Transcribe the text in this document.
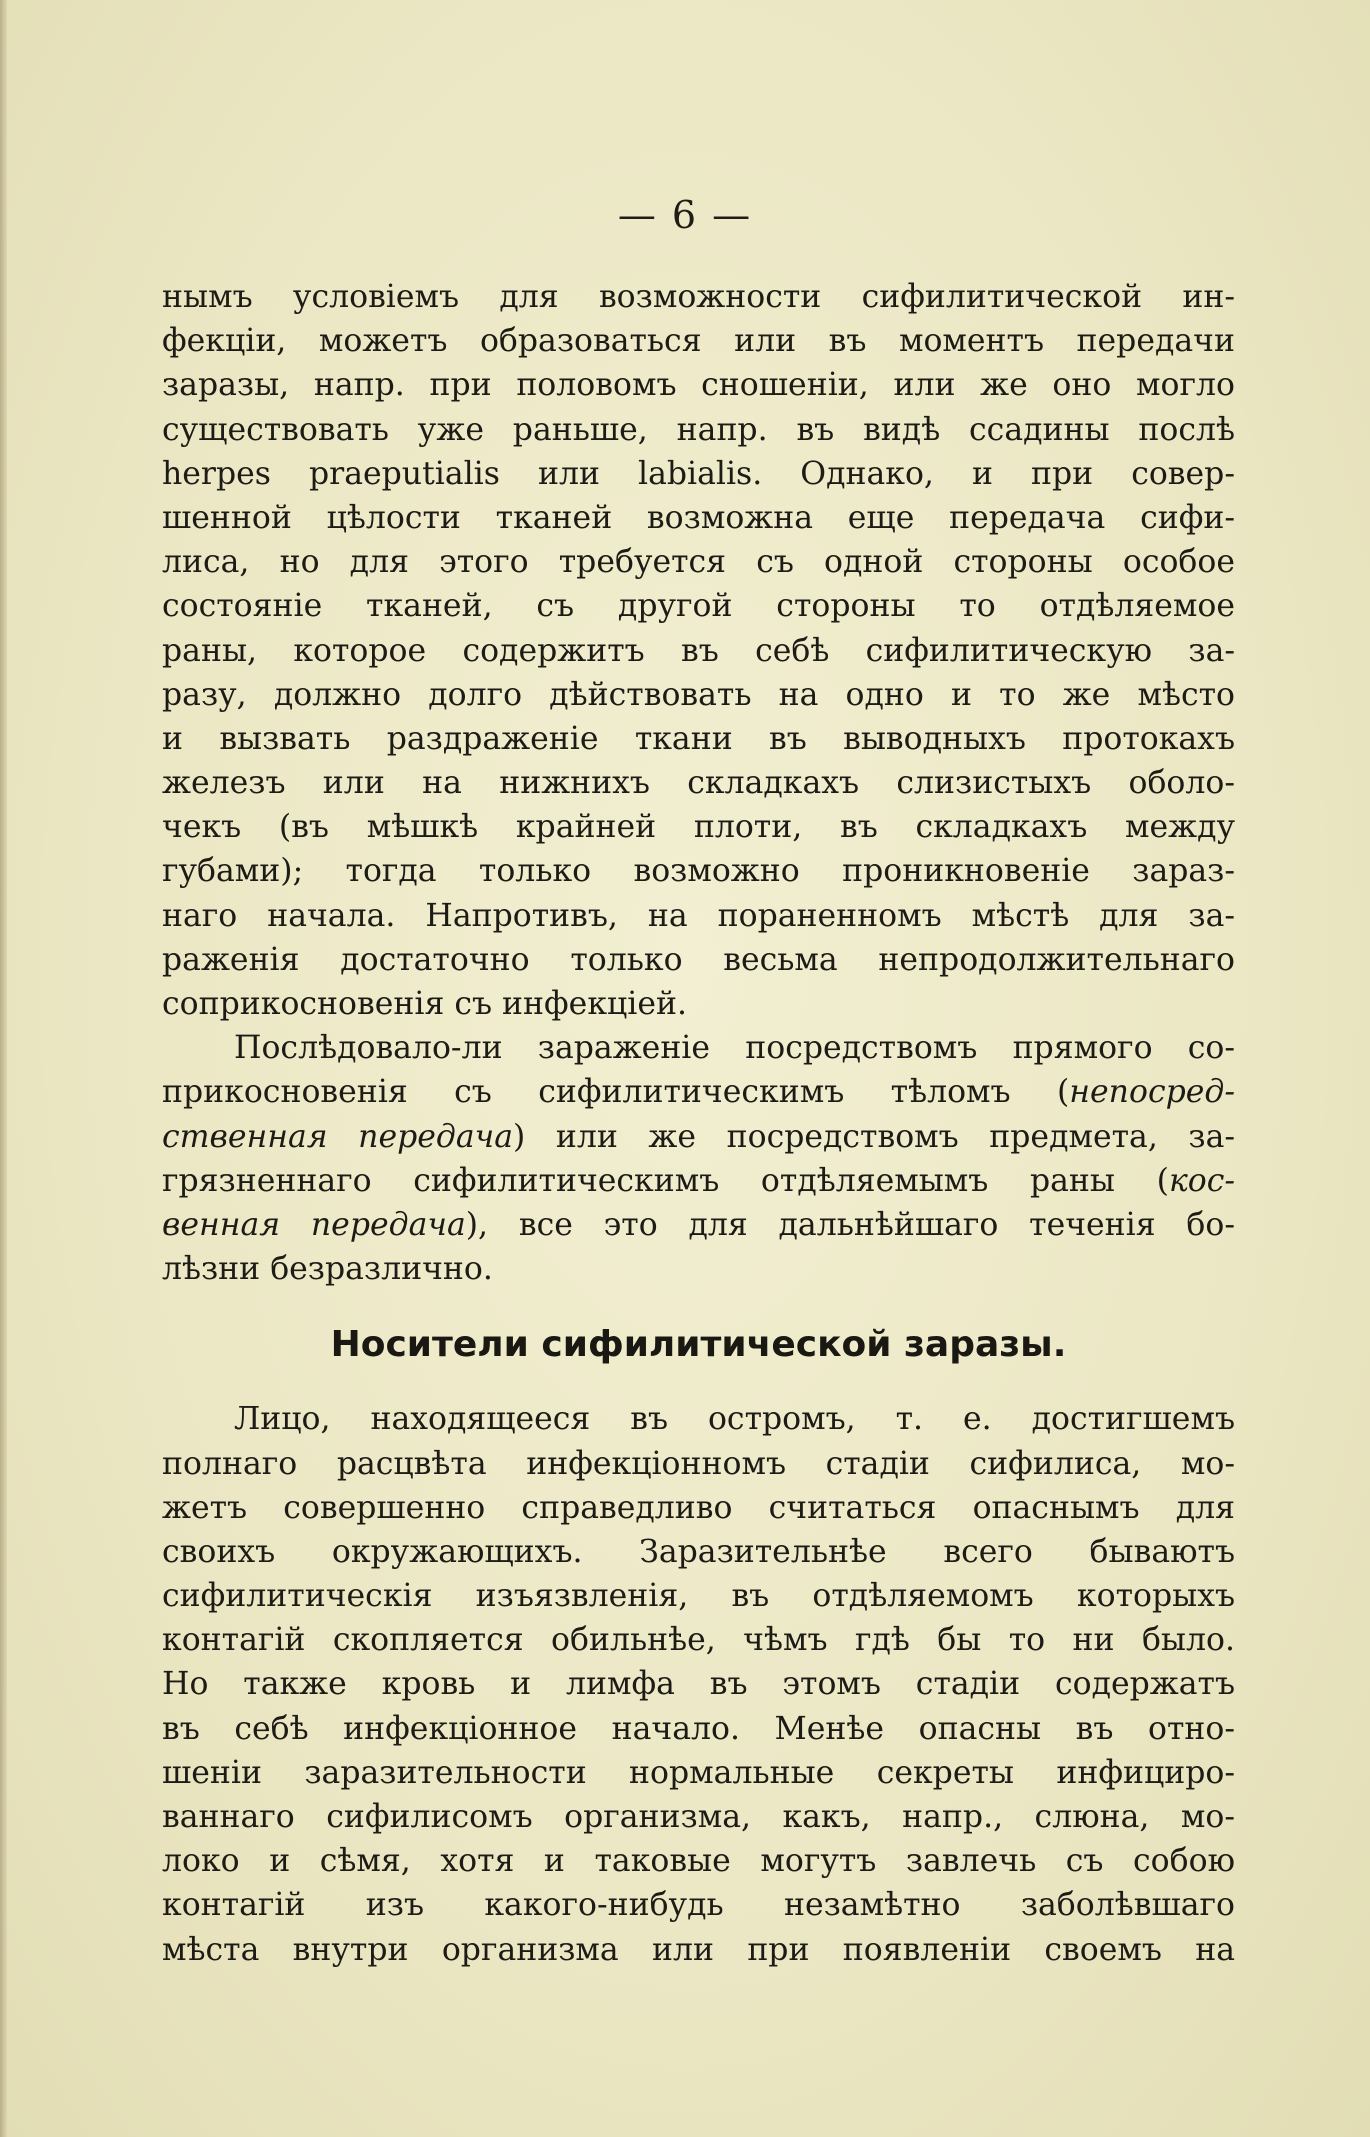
— 6 —
нымъ условіемъ для возможности сифилитической ин-
фекціи, можетъ образоваться или въ моментъ передачи
заразы, напр. при половомъ сношеніи, или же оно могло
существовать уже раньше, напр. въ видѣ ссадины послѣ
herpes praeputialis или labialis. Однако, и при совер-
шенной цѣлости тканей возможна еще передача сифи-
лиса, но для этого требуется съ одной стороны особое
состояніе тканей, съ другой стороны то отдѣляемое
раны, которое содержитъ въ себѣ сифилитическую за-
разу, должно долго дѣйствовать на одно и то же мѣсто
и вызвать раздраженіе ткани въ выводныхъ протокахъ
железъ или на нижнихъ складкахъ слизистыхъ оболо-
чекъ (въ мѣшкѣ крайней плоти, въ складкахъ между
губами); тогда только возможно проникновеніе зараз-
наго начала. Напротивъ, на пораненномъ мѣстѣ для за-
раженія достаточно только весьма непродолжительнаго
соприкосновенія съ инфекціей.
Послѣдовало-ли зараженіе посредствомъ прямого со-
прикосновенія съ сифилитическимъ тѣломъ (непосред-
ственная передача) или же посредствомъ предмета, за-
грязненнаго сифилитическимъ отдѣляемымъ раны (кос-
венная передача), все это для дальнѣйшаго теченія бо-
лѣзни безразлично.
Носители сифилитической заразы.
Лицо, находящееся въ остромъ, т. е. достигшемъ
полнаго расцвѣта инфекціонномъ стадіи сифилиса, мо-
жетъ совершенно справедливо считаться опаснымъ для
своихъ окружающихъ. Заразительнѣе всего бываютъ
сифилитическія изъязвленія, въ отдѣляемомъ которыхъ
контагій скопляется обильнѣе, чѣмъ гдѣ бы то ни было.
Но также кровь и лимфа въ этомъ стадіи содержатъ
въ себѣ инфекціонное начало. Менѣе опасны въ отно-
шеніи заразительности нормальные секреты инфициро-
ваннаго сифилисомъ организма, какъ, напр., слюна, мо-
локо и сѣмя, хотя и таковые могутъ завлечь съ собою
контагій изъ какого-нибудь незамѣтно заболѣвшаго
мѣста внутри организма или при появленіи своемъ на
